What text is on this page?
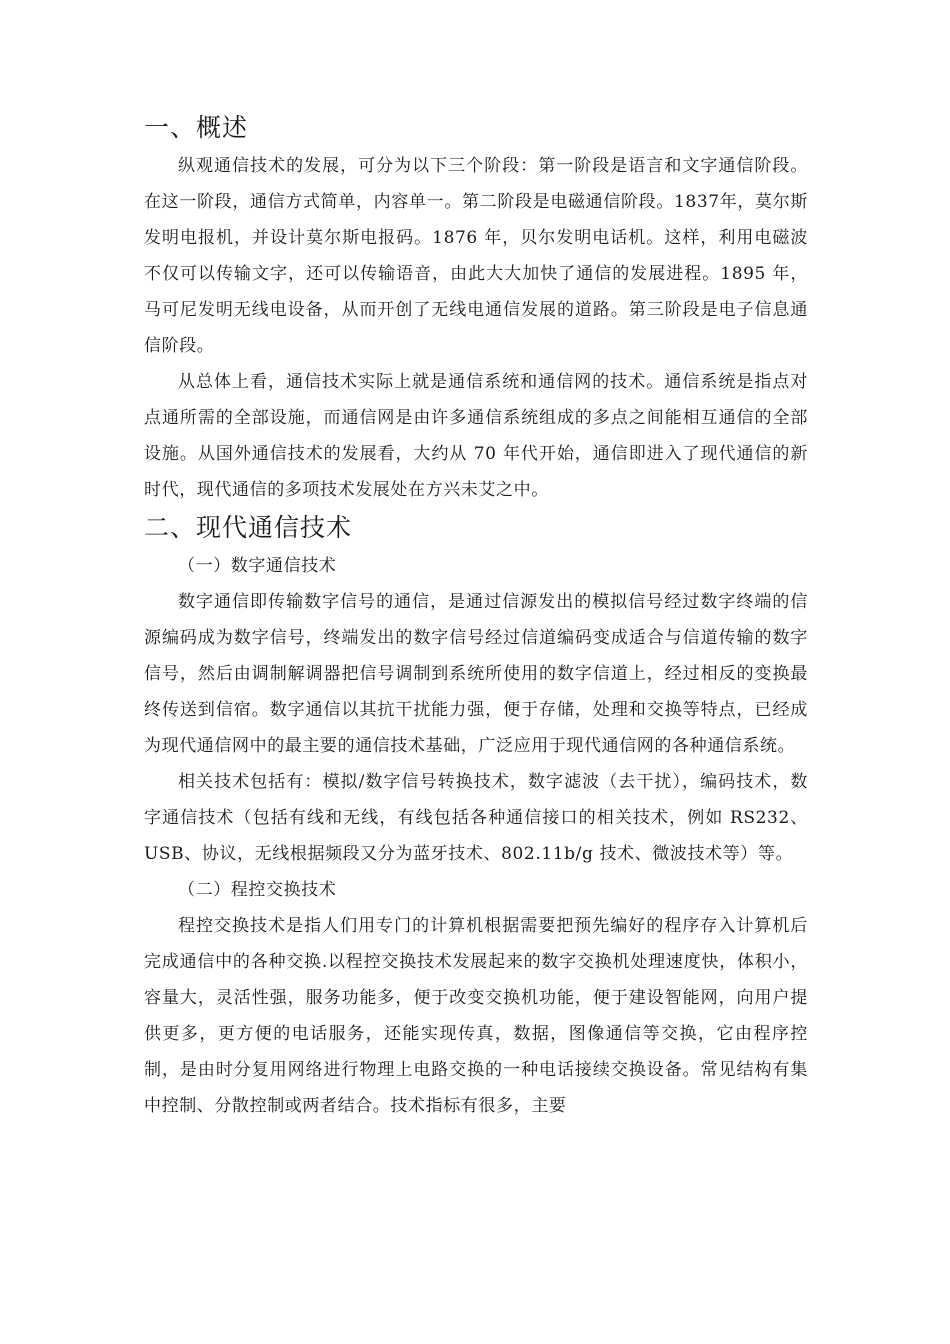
一、概述

纵观通信技术的发展，可分为以下三个阶段：第一阶段是语言和文字通信阶段。在这一阶段，通信方式简单，内容单一。第二阶段是电磁通信阶段。1837年，莫尔斯发明电报机，并设计莫尔斯电报码。1876 年，贝尔发明电话机。这样，利用电磁波不仅可以传输文字，还可以传输语音，由此大大加快了通信的发展进程。1895 年，马可尼发明无线电设备，从而开创了无线电通信发展的道路。第三阶段是电子信息通信阶段。

从总体上看，通信技术实际上就是通信系统和通信网的技术。通信系统是指点对点通所需的全部设施，而通信网是由许多通信系统组成的多点之间能相互通信的全部设施。从国外通信技术的发展看，大约从 70 年代开始，通信即进入了现代通信的新时代，现代通信的多项技术发展处在方兴未艾之中。

二、现代通信技术

（一）数字通信技术

数字通信即传输数字信号的通信，是通过信源发出的模拟信号经过数字终端的信源编码成为数字信号，终端发出的数字信号经过信道编码变成适合与信道传输的数字信号，然后由调制解调器把信号调制到系统所使用的数字信道上，经过相反的变换最终传送到信宿。数字通信以其抗干扰能力强，便于存储，处理和交换等特点，已经成为现代通信网中的最主要的通信技术基础，广泛应用于现代通信网的各种通信系统。

相关技术包括有：模拟/数字信号转换技术，数字滤波（去干扰），编码技术，数字通信技术（包括有线和无线，有线包括各种通信接口的相关技术，例如 RS232、USB、协议，无线根据频段又分为蓝牙技术、802.11b/g 技术、微波技术等）等。

（二）程控交换技术

程控交换技术是指人们用专门的计算机根据需要把预先编好的程序存入计算机后完成通信中的各种交换.以程控交换技术发展起来的数字交换机处理速度快，体积小，容量大，灵活性强，服务功能多，便于改变交换机功能，便于建设智能网，向用户提供更多，更方便的电话服务，还能实现传真，数据，图像通信等交换，它由程序控制，是由时分复用网络进行物理上电路交换的一种电话接续交换设备。常见结构有集中控制、分散控制或两者结合。技术指标有很多，主要
